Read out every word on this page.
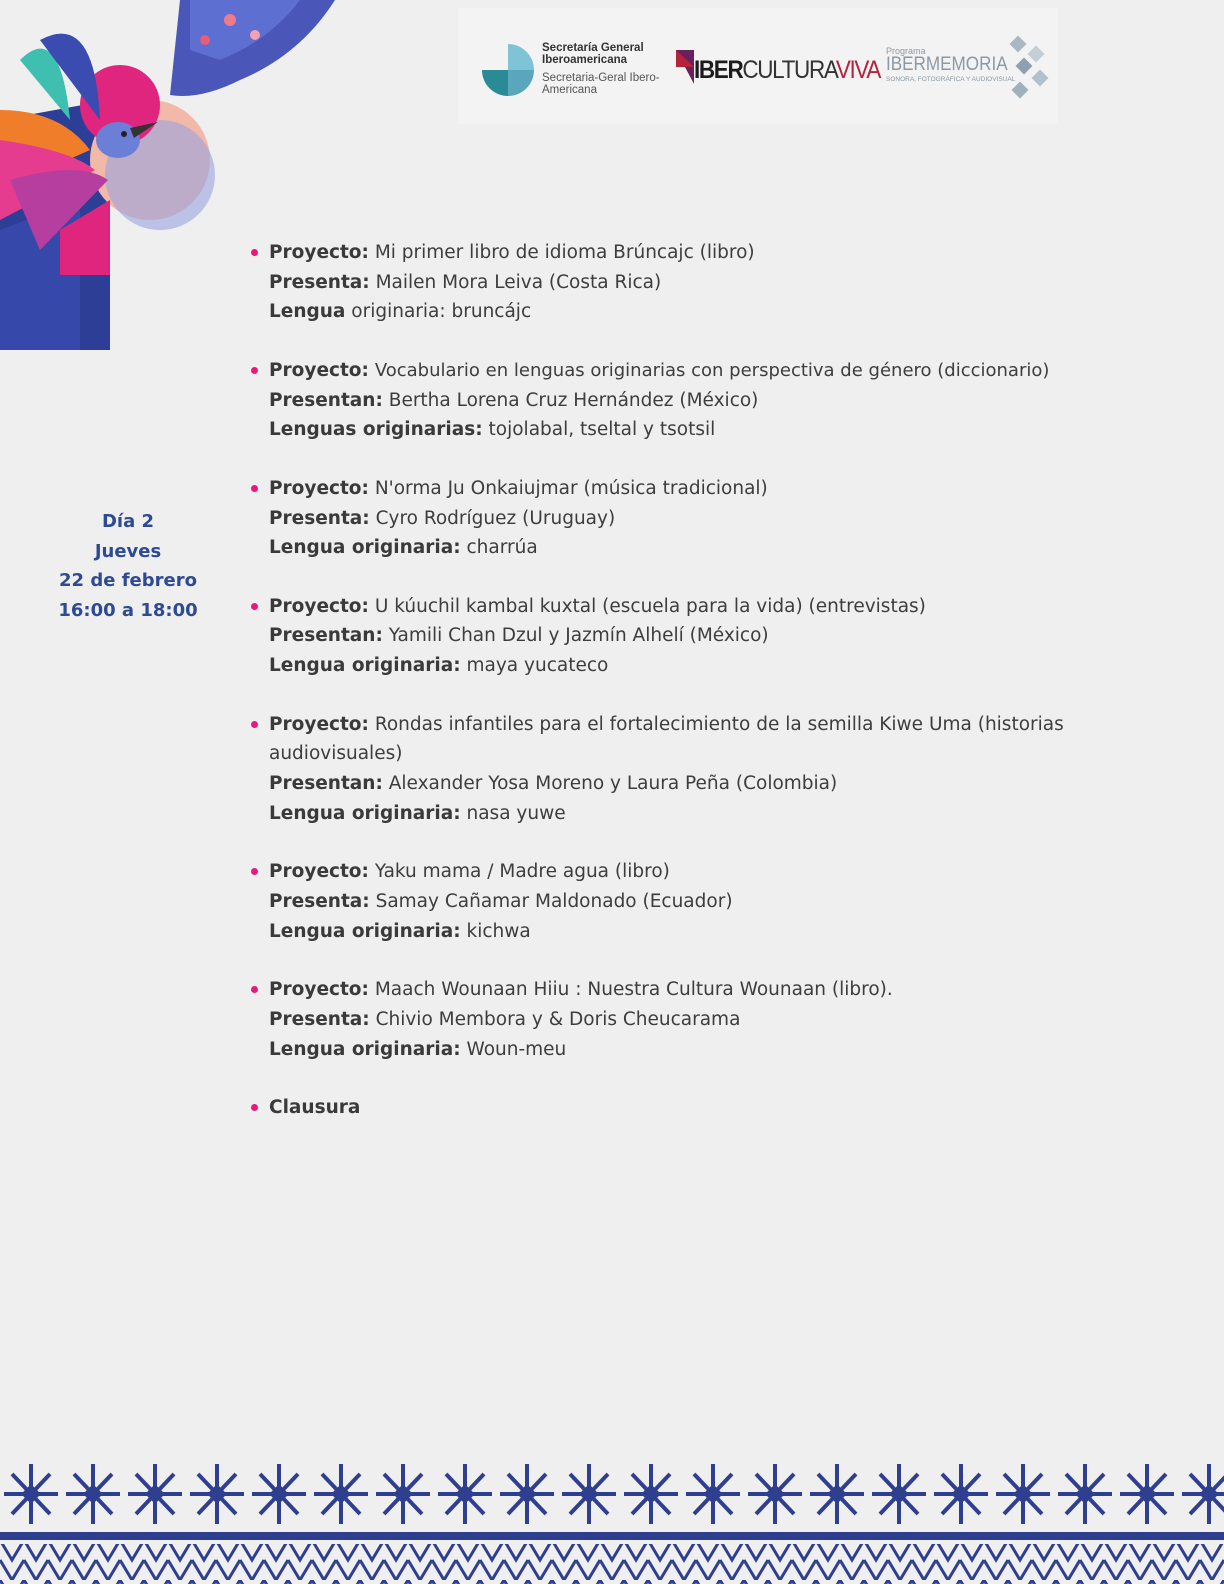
Secretaría General Iberoamericana
Secretaria-Geral Ibero-Americana
IBERCULTURAVIVA
Programa
IBERMEMORIA
SONORA, FOTOGRÁFICA Y AUDIOVISUAL
Día 2
Jueves
22 de febrero
16:00 a 18:00
Proyecto: Mi primer libro de idioma Brúncajc (libro)
Presenta: Mailen Mora Leiva (Costa Rica)
Lengua originaria: bruncájc
Proyecto: Vocabulario en lenguas originarias con perspectiva de género (diccionario)
Presentan: Bertha Lorena Cruz Hernández (México)
Lenguas originarias: tojolabal, tseltal y tsotsil
Proyecto: N'orma Ju Onkaiujmar (música tradicional)
Presenta: Cyro Rodríguez (Uruguay)
Lengua originaria: charrúa
Proyecto: U kúuchil kambal kuxtal (escuela para la vida) (entrevistas)
Presentan: Yamili Chan Dzul y Jazmín Alhelí (México)
Lengua originaria: maya yucateco
Proyecto: Rondas infantiles para el fortalecimiento de la semilla Kiwe Uma (historias audiovisuales)
Presentan: Alexander Yosa Moreno y Laura Peña (Colombia)
Lengua originaria: nasa yuwe
Proyecto: Yaku mama / Madre agua (libro)
Presenta: Samay Cañamar Maldonado (Ecuador)
Lengua originaria: kichwa
Proyecto: Maach Wounaan Hiiu : Nuestra Cultura Wounaan (libro).
Presenta: Chivio Membora y & Doris Cheucarama
Lengua originaria: Woun-meu
Clausura
